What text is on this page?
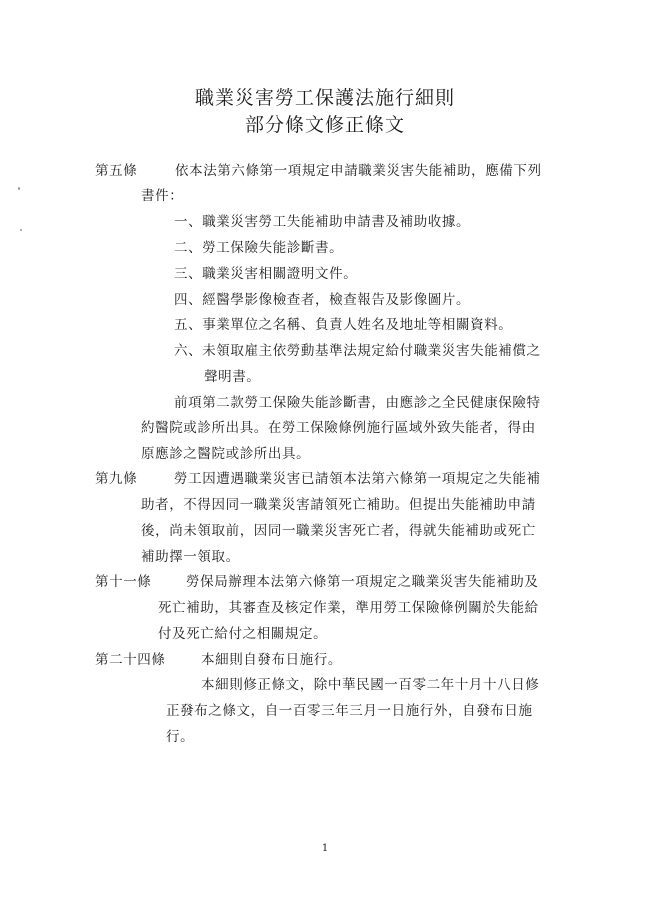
職業災害勞工保護法施行細則
部分條文修正條文
第五條	依本法第六條第一項規定申請職業災害失能補助，應備下列
書件：
一、職業災害勞工失能補助申請書及補助收據。
二、勞工保險失能診斷書。
三、職業災害相關證明文件。
四、經醫學影像檢查者，檢查報告及影像圖片。
五、事業單位之名稱、負責人姓名及地址等相關資料。
六、未領取雇主依勞動基準法規定給付職業災害失能補償之
聲明書。
前項第二款勞工保險失能診斷書，由應診之全民健康保險特
約醫院或診所出具。在勞工保險條例施行區域外致失能者，得由
原應診之醫院或診所出具。
第九條	勞工因遭遇職業災害已請領本法第六條第一項規定之失能補
助者，不得因同一職業災害請領死亡補助。但提出失能補助申請
後，尚未領取前，因同一職業災害死亡者，得就失能補助或死亡
補助擇一領取。
第十一條	勞保局辦理本法第六條第一項規定之職業災害失能補助及
死亡補助，其審查及核定作業，準用勞工保險條例關於失能給
付及死亡給付之相關規定。
第二十四條	本細則自發布日施行。
本細則修正條文，除中華民國一百零二年十月十八日修
正發布之條文，自一百零三年三月一日施行外，自發布日施
行。
1
